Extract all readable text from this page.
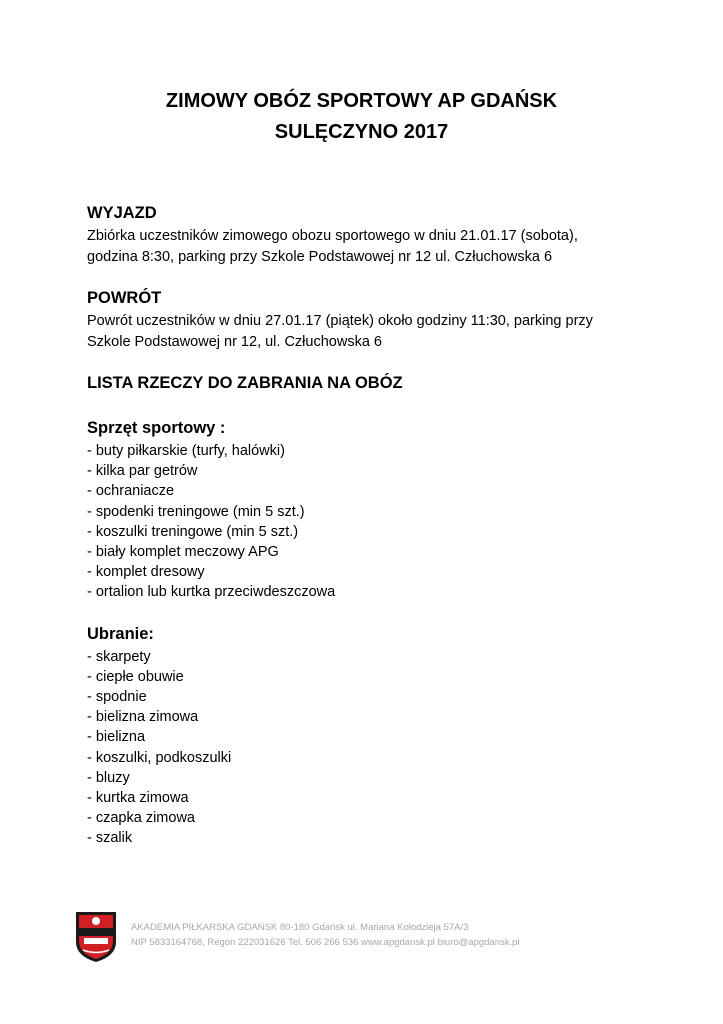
ZIMOWY OBÓZ SPORTOWY AP GDAŃSK

SULĘCZYNO 2017

WYJAZD

Zbiórka uczestników zimowego obozu sportowego w dniu 21.01.17 (sobota),

godzina 8:30, parking przy Szkole Podstawowej nr 12 ul. Człuchowska 6

POWRÓT

Powrót uczestników w dniu 27.01.17 (piątek) około godziny 11:30, parking przy

Szkole Podstawowej nr 12, ul. Człuchowska 6

LISTA RZECZY DO ZABRANIA NA OBÓZ

Sprzęt sportowy :

- buty piłkarskie (turfy, halówki)
- kilka par getrów
- ochraniacze
- spodenki treningowe (min 5 szt.)
- koszulki treningowe (min 5 szt.)
- biały komplet meczowy APG
- komplet dresowy
- ortalion lub kurtka przeciwdeszczowa

Ubranie:

- skarpety
- ciepłe obuwie
- spodnie
- bielizna zimowa
- bielizna
- koszulki, podkoszulki
- bluzy
- kurtka zimowa
- czapka zimowa
- szalik
AKADEMIA PIŁKARSKA GDAŃSK 80-180 Gdańsk ul. Mariana Kołodzieja 57A/3
NIP 5833164768, Regon 222031626 Tel. 506 266 536 www.apgdansk.pl biuro@apgdansk.pl
